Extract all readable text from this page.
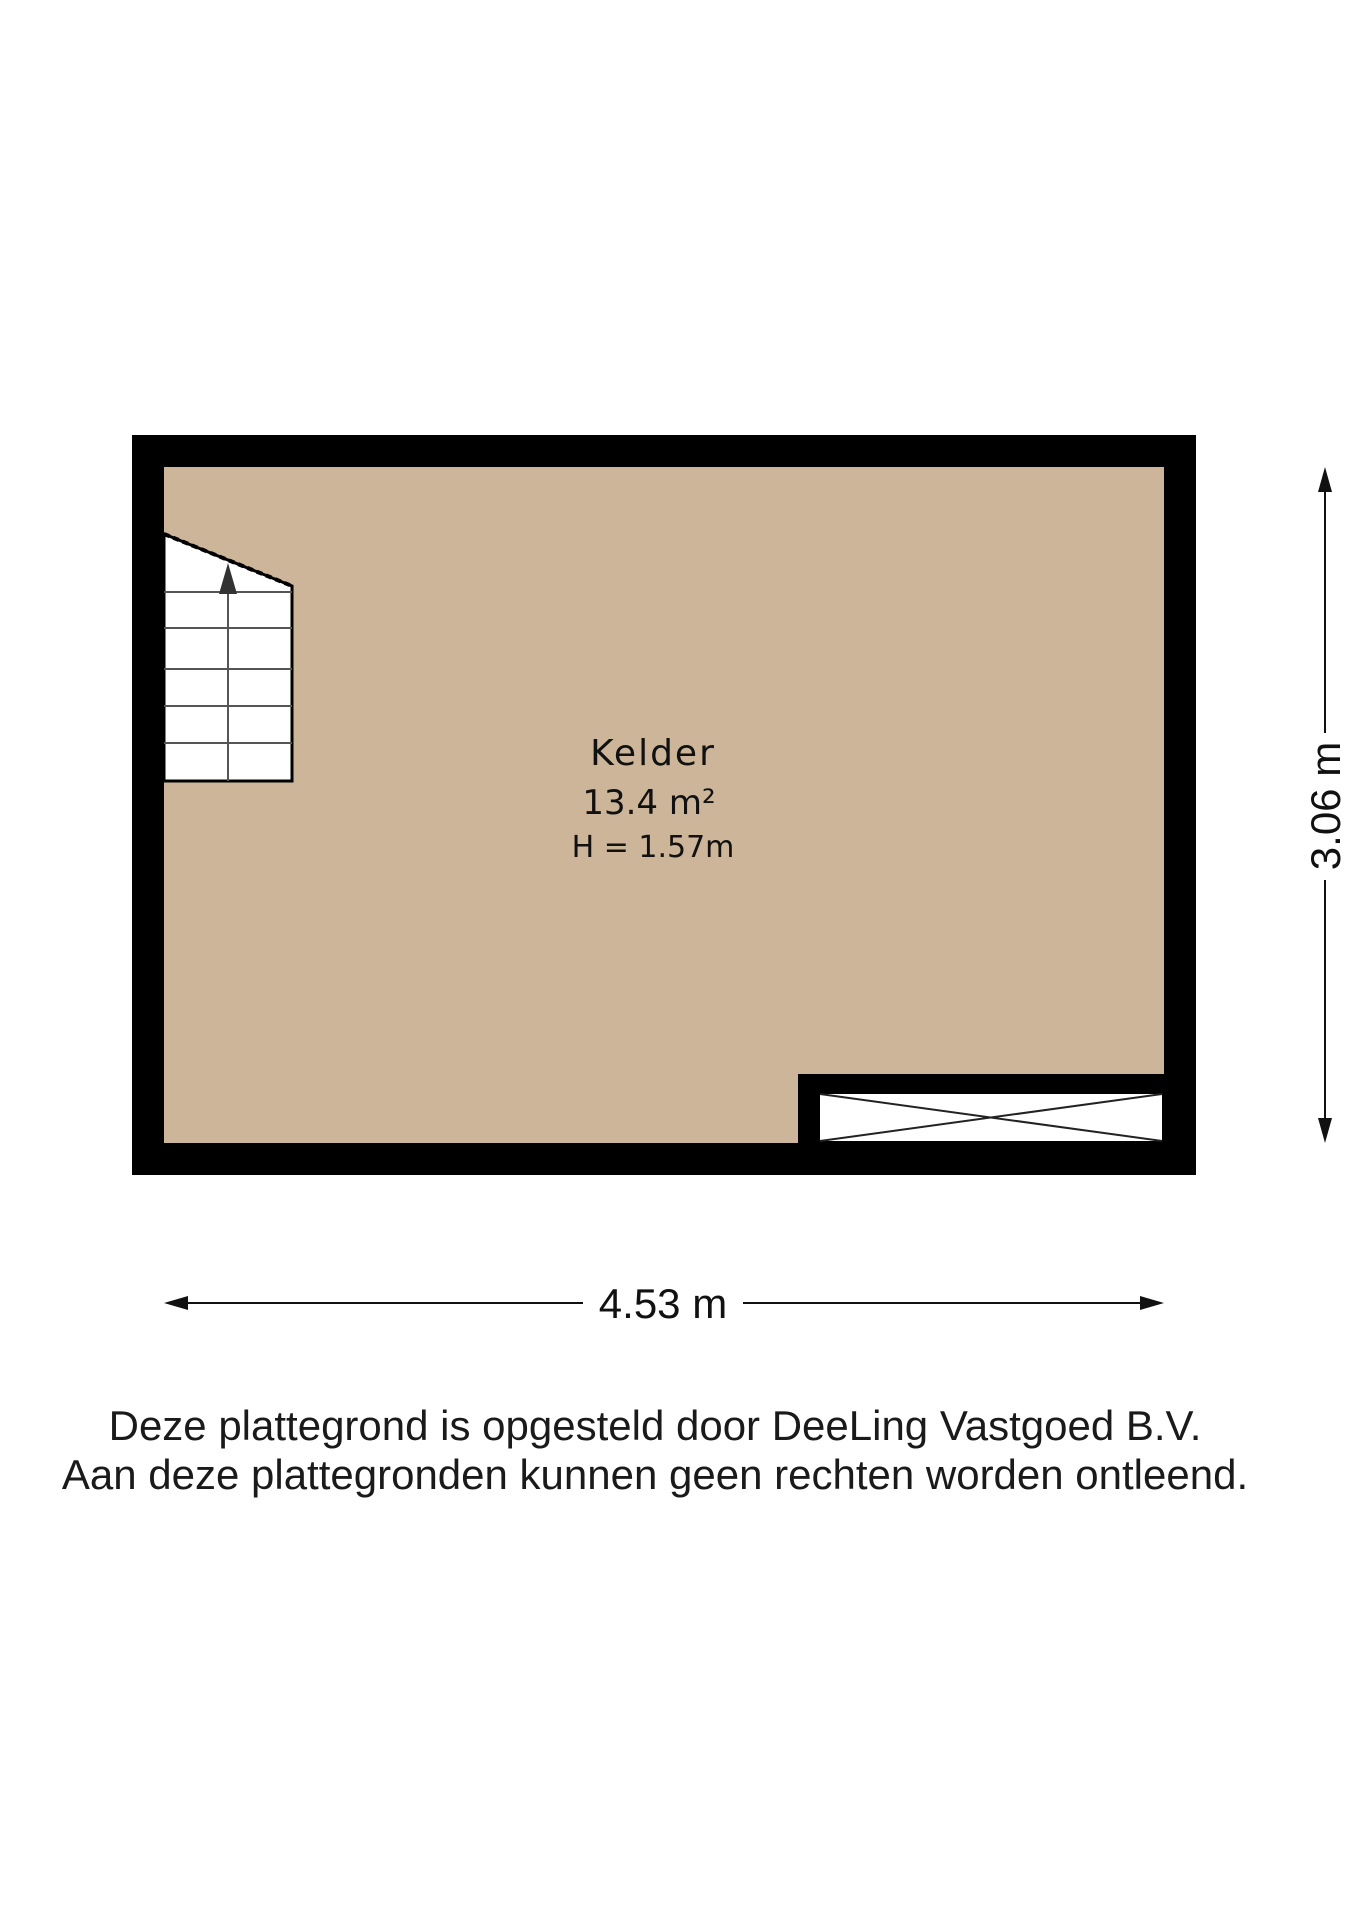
Kelder
13.4 m²
H = 1.57m
4.53 m
3.06 m

Deze plattegrond is opgesteld door DeeLing Vastgoed B.V.

Aan deze plattegronden kunnen geen rechten worden ontleend.
